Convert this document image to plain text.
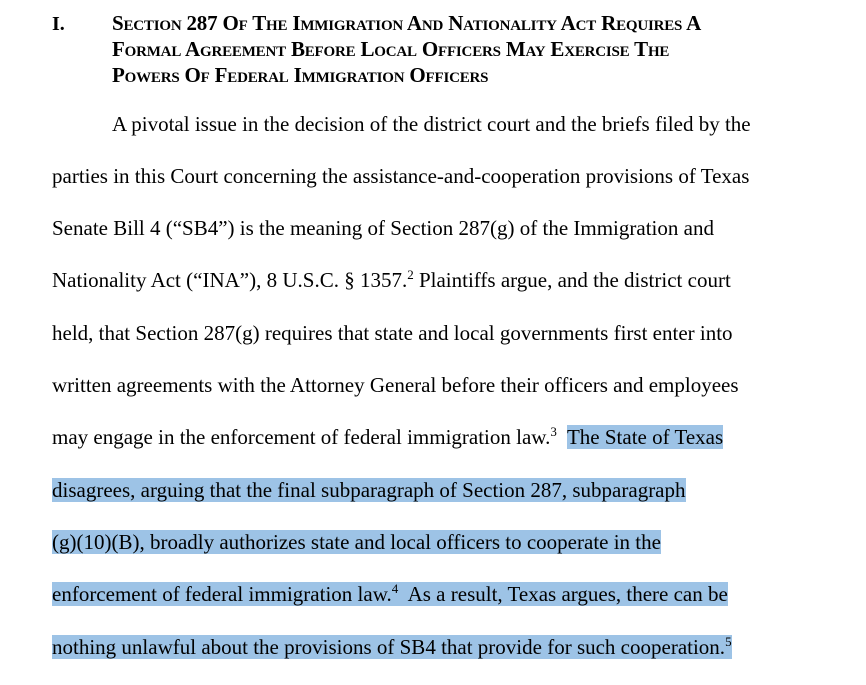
I. Section 287 Of The Immigration And Nationality Act Requires A
Formal Agreement Before Local Officers May Exercise The
Powers Of Federal Immigration Officers
A pivotal issue in the decision of the district court and the briefs filed by the
parties in this Court concerning the assistance-and-cooperation provisions of Texas
Senate Bill 4 (“SB4”) is the meaning of Section 287(g) of the Immigration and
Nationality Act (“INA”), 8 U.S.C. § 1357.$^2$ Plaintiffs argue, and the district court
held, that Section 287(g) requires that state and local governments first enter into
written agreements with the Attorney General before their officers and employees
may engage in the enforcement of federal immigration law.$^3$ The State of Texas
disagrees, arguing that the final subparagraph of Section 287, subparagraph
(g)(10)(B), broadly authorizes state and local officers to cooperate in the
enforcement of federal immigration law.$^4$ As a result, Texas argues, there can be
nothing unlawful about the provisions of SB4 that provide for such cooperation.$^5$
